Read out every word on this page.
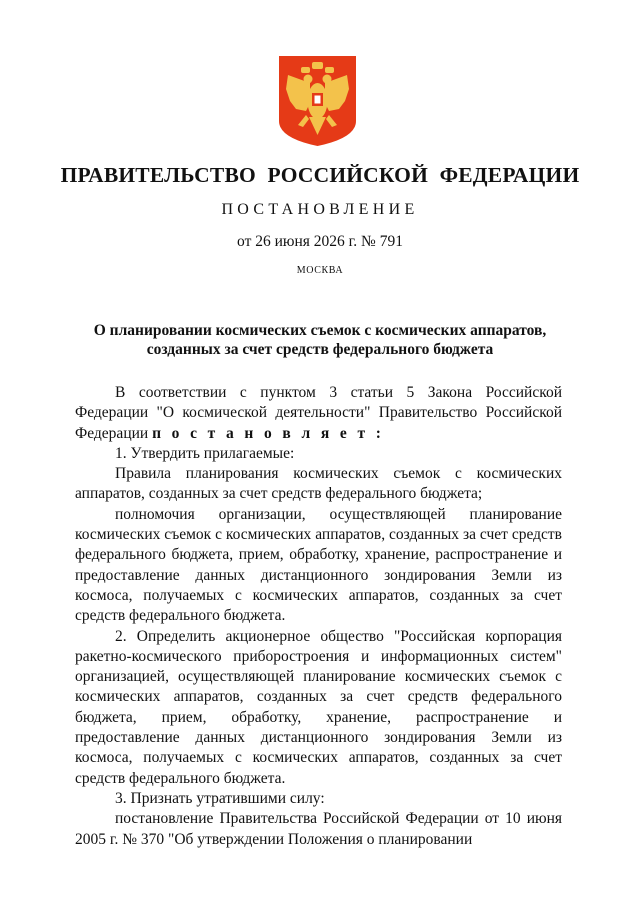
ПРАВИТЕЛЬСТВО РОССИЙСКОЙ ФЕДЕРАЦИИ
ПОСТАНОВЛЕНИЕ
от 26 июня 2026 г. № 791
МОСКВА
О планировании космических съемок с космических аппаратов,
созданных за счет средств федерального бюджета

В соответствии с пунктом 3 статьи 5 Закона Российской Федерации "О космической деятельности" Правительство Российской Федерации п о с т а н о в л я е т :

1. Утвердить прилагаемые:

Правила планирования космических съемок с космических аппаратов, созданных за счет средств федерального бюджета;

полномочия организации, осуществляющей планирование космических съемок с космических аппаратов, созданных за счет средств федерального бюджета, прием, обработку, хранение, распространение и предоставление данных дистанционного зондирования Земли из космоса, получаемых с космических аппаратов, созданных за счет средств федерального бюджета.

2. Определить акционерное общество "Российская корпорация ракетно-космического приборостроения и информационных систем" организацией, осуществляющей планирование космических съемок с космических аппаратов, созданных за счет средств федерального бюджета, прием, обработку, хранение, распространение и предоставление данных дистанционного зондирования Земли из космоса, получаемых с космических аппаратов, созданных за счет средств федерального бюджета.

3. Признать утратившими силу:

постановление Правительства Российской Федерации от 10 июня 2005 г. № 370 "Об утверждении Положения о планировании
